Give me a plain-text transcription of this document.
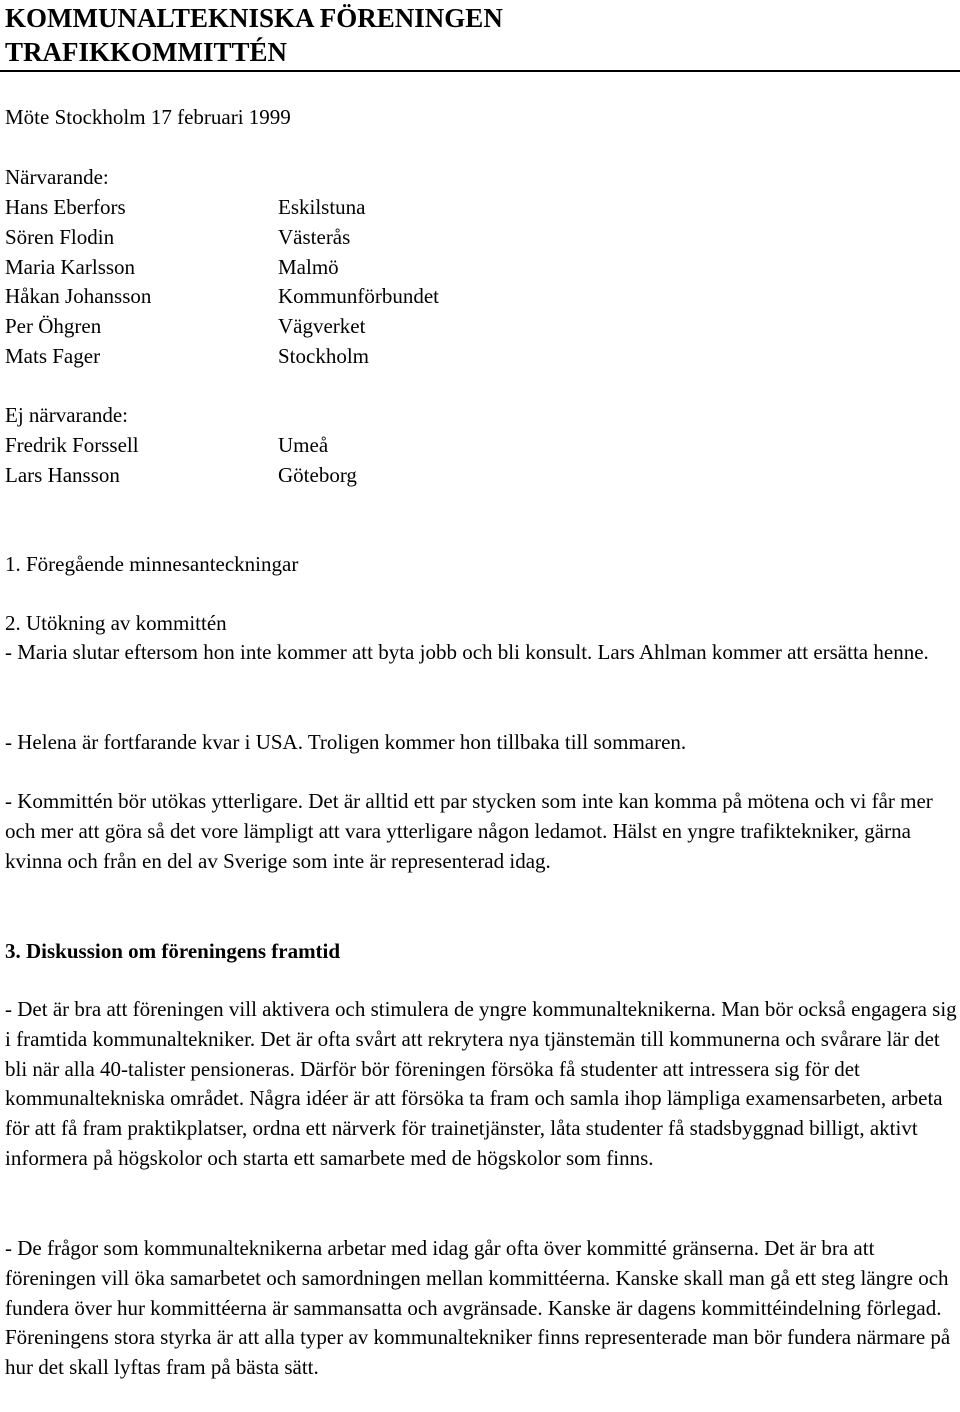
KOMMUNALTEKNISKA FÖRENINGEN
TRAFIKKOMMITTÉN
Möte Stockholm 17 februari 1999
Närvarande:
Hans Eberfors	Eskilstuna
Sören Flodin	Västerås
Maria Karlsson	Malmö
Håkan Johansson	Kommunförbundet
Per Öhgren	Vägverket
Mats Fager	Stockholm
Ej närvarande:
Fredrik Forssell	Umeå
Lars Hansson	Göteborg
1. Föregående minnesanteckningar
2. Utökning av kommittén
- Maria slutar eftersom hon inte kommer att byta jobb och bli konsult. Lars Ahlman kommer att ersätta henne.
- Helena är fortfarande kvar i USA. Troligen kommer hon tillbaka till sommaren.
- Kommittén bör utökas ytterligare. Det är alltid ett par stycken som inte kan komma på mötena och vi får mer och mer att göra så det vore lämpligt att vara ytterligare någon ledamot. Hälst en yngre trafiktekniker, gärna kvinna och från en del av Sverige som inte är representerad idag.
3. Diskussion om föreningens framtid
- Det är bra att föreningen vill aktivera och stimulera de yngre kommunalteknikerna. Man bör också engagera sig i framtida kommunaltekniker. Det är ofta svårt att rekrytera nya tjänstemän till kommunerna och svårare lär det bli när alla 40-talister pensioneras. Därför bör föreningen försöka få studenter att intressera sig för det kommunaltekniska området. Några idéer är att försöka ta fram och samla ihop lämpliga examensarbeten, arbeta för att få fram praktikplatser, ordna ett närverk för trainetjänster, låta studenter få stadsbyggnad billigt, aktivt informera på högskolor och starta ett samarbete med de högskolor som finns.
- De frågor som kommunalteknikerna arbetar med idag går ofta över kommitté gränserna. Det är bra att föreningen vill öka samarbetet och samordningen mellan kommittéerna. Kanske skall man gå ett steg längre och fundera över hur kommittéerna är sammansatta och avgränsade. Kanske är dagens kommittéindelning förlegad. Föreningens stora styrka är att alla typer av kommunaltekniker finns representerade man bör fundera närmare på hur det skall lyftas fram på bästa sätt.
